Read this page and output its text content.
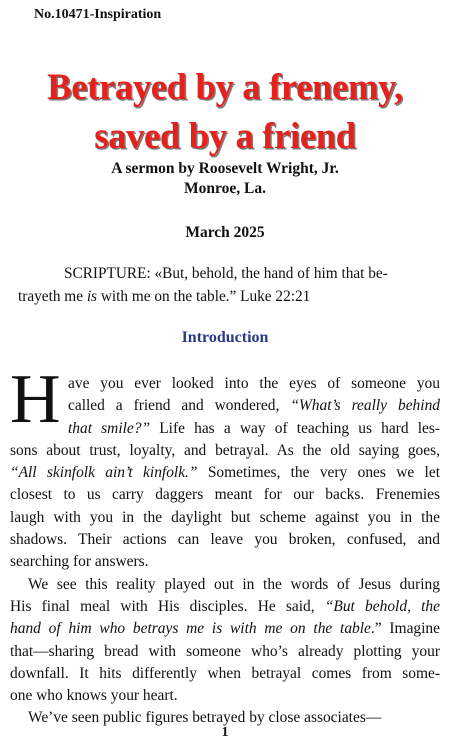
No.10471-Inspiration
Betrayed by a frenemy,
saved by a friend
A sermon by Roosevelt Wright, Jr.
Monroe, La.
March 2025
SCRIPTURE: «But, behold, the hand of him that be-
trayeth me is with me on the table.” Luke 22:21
Introduction
H ave you ever looked into the eyes of someone you
called a friend and wondered, “What’s really behind
that smile?” Life has a way of teaching us hard les-
sons about trust, loyalty, and betrayal. As the old saying goes,
“All skinfolk ain’t kinfolk.” Sometimes, the very ones we let
closest to us carry daggers meant for our backs. Frenemies
laugh with you in the daylight but scheme against you in the
shadows. Their actions can leave you broken, confused, and
searching for answers.
We see this reality played out in the words of Jesus during
His final meal with His disciples. He said, “But behold, the
hand of him who betrays me is with me on the table.” Imagine
that—sharing bread with someone who’s already plotting your
downfall. It hits differently when betrayal comes from some-
one who knows your heart.
We’ve seen public figures betrayed by close associates—
1
